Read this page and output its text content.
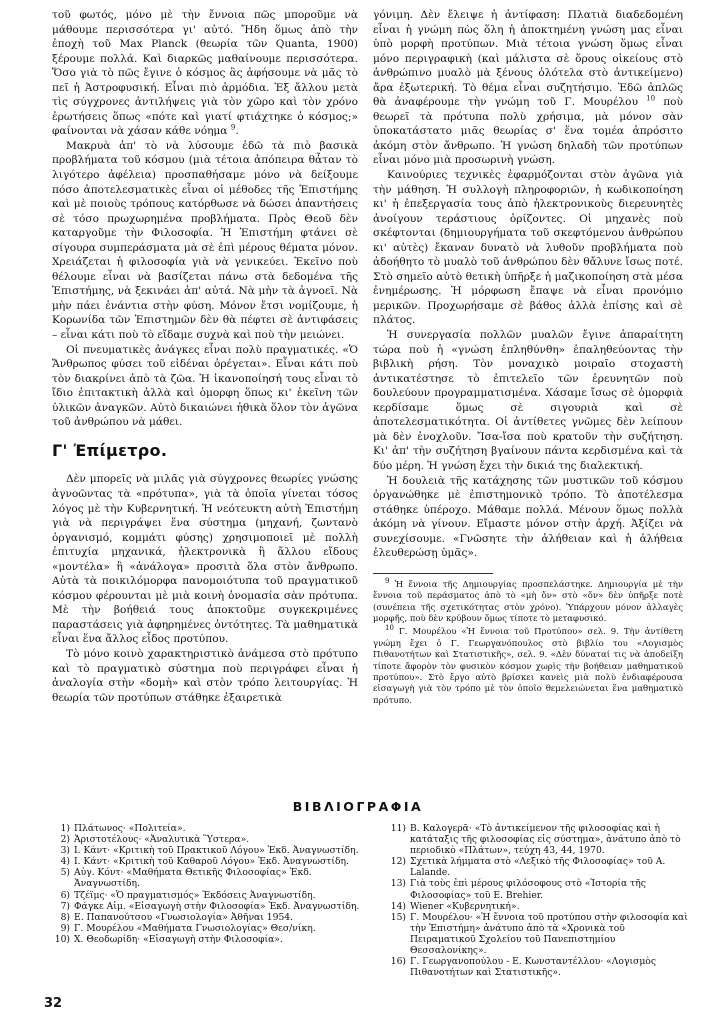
τοῦ φωτός, μόνο μὲ τὴν ἔννοια πῶς μποροῦμε νὰ μάθουμε περισσότερα γι' αὐτό. Ἤδη ὅμως ἀπὸ τὴν ἐποχὴ τοῦ Max Planck (θεωρία τῶν Quanta, 1900) ξέρουμε πολλά. Καὶ διαρκῶς μαθαίνουμε περισσότερα. Ὅσο γιὰ τὸ πῶς ἔγινε ὁ κόσμος ἂς ἀφήσουμε νὰ μᾶς τὸ πεῖ ἡ Ἀστροφυσική. Εἶναι πιὸ ἁρμόδια. Ἐξ ἄλλου μετὰ τὶς σύγχρονες ἀντιλήψεις γιὰ τὸν χῶρο καὶ τὸν χρόνο ἐρωτήσεις ὅπως «πότε καὶ γιατί φτιάχτηκε ὁ κόσμος;» φαίνονται νὰ χάσαν κάθε νόημα $^9$.

Μακρυὰ ἀπ' τὸ νὰ λύσουμε ἐδῶ τὰ πιὸ βασικὰ προβλήματα τοῦ κόσμου (μιὰ τέτοια ἀπόπειρα θἆταν τὸ λιγότερο ἀφέλεια) προσπαθήσαμε μόνο νὰ δείξουμε πόσο ἀποτελεσματικὲς εἶναι οἱ μέθοδες τῆς Ἐπιστήμης καὶ μὲ ποιοὺς τρόπους κατόρθωσε νὰ δώσει ἀπαντήσεις σὲ τόσο πρωχωρημένα προβλήματα. Πρὸς Θεοῦ δὲν καταργοῦμε τὴν Φιλοσοφία. Ἡ Ἐπιστήμη φτάνει σὲ σίγουρα συμπεράσματα μὰ σὲ ἐπὶ μέρους θέματα μόνον. Χρειάζεται ἡ φιλοσοφία γιὰ νὰ γενικεύει. Ἐκεῖνο ποὺ θέλουμε εἶναι νὰ βασίζεται πάνω στὰ δεδομένα τῆς Ἐπιστήμης, νὰ ξεκινάει ἀπ' αὐτά. Νὰ μὴν τὰ ἀγνοεῖ. Νὰ μὴν πάει ἐνάντια στὴν φύση. Μόνον ἔτσι νομίζουμε, ἡ Κορωνίδα τῶν Ἐπιστημῶν δὲν θὰ πέφτει σὲ ἀντιφάσεις – εἶναι κάτι ποὺ τὸ εἴδαμε συχνὰ καὶ ποὺ τὴν μειώνει.

Οἱ πνευματικὲς ἀνάγκες εἶναι πολὺ πραγματικές. «Ὁ Ἄνθρωπος φύσει τοῦ εἰδέναι ὀρέγεται». Εἶναι κάτι ποὺ τὸν διακρίνει ἀπὸ τὰ ζῶα. Ἡ ἱκανοποίησή τους εἶναι τὸ ἴδιο ἐπιτακτικὴ ἀλλὰ καὶ ὁμορφη ὅπως κι' ἐκεῖνη τῶν ὑλικῶν ἀναγκῶν. Αὐτὸ δικαιώνει ἠθικὰ ὅλον τὸν ἀγῶνα τοῦ ἀνθρώπου νὰ μάθει.

Γ' Ἐπίμετρο.

Δὲν μπορεῖς νὰ μιλᾶς γιὰ σύγχρονες θεωρίες γνώσης ἀγνοῶντας τὰ «πρότυπα», γιὰ τὰ ὁποῖα γίνεται τόσος λόγος μὲ τὴν Κυβερνητική. Ἡ νεότευκτη αὐτὴ Ἐπιστήμη γιὰ νὰ περιγράψει ἕνα σύστημα (μηχανή, ζωντανὸ ὀργανισμό, κομμάτι φύσης) χρησιμοποιεῖ μὲ πολλὴ ἐπιτυχία μηχανικά, ἠλεκτρονικὰ ἢ ἄλλου εἴδους «μοντέλα» ἢ «ἀνάλογα» προσιτὰ ὅλα στὸν ἄνθρωπο. Αὐτὰ τὰ ποικιλόμορφα πανομοιότυπα τοῦ πραγματικοῦ κόσμου φέρουνται μὲ μιὰ κοινὴ ὀνομασία σὰν πρότυπα. Μὲ τὴν βοήθειά τους ἀποκτοῦμε συγκεκριμένες παραστάσεις γιὰ ἀφηρημένες ὀντότητες. Τὰ μαθηματικὰ εἶναι ἕνα ἄλλος εἶδος προτύπου.

Τὸ μόνο κοινὸ χαρακτηριστικὸ ἀνάμεσα στὸ πρότυπο καὶ τὸ πραγματικὸ σύστημα ποὺ περιγράφει εἶναι ἡ ἀναλογία στὴν «δομὴ» καὶ στὸν τρόπο λειτουργίας. Ἡ θεωρία τῶν προτύπων στάθηκε ἐξαιρετικὰ

γόνιμη. Δὲν ἔλειψε ἡ ἀντίφαση: Πλατιὰ διαδεδομένη εἶναι ἡ γνώμη πὼς ὅλη ἡ ἀποκτημένη γνώση μας εἶναι ὑπὸ μορφὴ προτύπων. Μιὰ τέτοια γνώση ὅμως εἶναι μόνο περιγραφικὴ (καὶ μάλιστα σὲ ὅρους οἰκείους στὸ ἀνθρώπινο μυαλὸ μὰ ξένους ὁλότελα στὸ ἀντικείμενο) ἄρα ἐξωτερική. Τὸ θέμα εἶναι συζητήσιμο. Ἐδῶ ἁπλῶς θὰ ἀναφέρουμε τὴν γνώμη τοῦ Γ. Μουρέλου $^{10}$ ποὺ θεωρεῖ τὰ πρότυπα πολὺ χρήσιμα, μὰ μόνον σὰν ὑποκατάστατο μιᾶς θεωρίας σ' ἕνα τομέα ἀπρόσιτο ἀκόμη στὸν ἄνθρωπο. Ἡ γνώση δηλαδὴ τῶν προτύπων εἶναι μόνο μιὰ προσωρινὴ γνώση.

Καινούριες τεχνικὲς ἐφαρμόζονται στὸν ἀγῶνα γιὰ τὴν μάθηση. Ἡ συλλογὴ πληροφοριῶν, ἡ κωδικοποίηση κι' ἡ ἐπεξεργασία τους ἀπὸ ἠλεκτρονικοὺς διερευνητὲς ἀνοίγουν τεράστιους ὁρίζοντες. Οἱ μηχανὲς ποὺ σκέφτονται (δημιουργήματα τοῦ σκεφτόμενου ἀνθρώπου κι' αὐτὲς) ἔκαναν δυνατὸ νὰ λυθοῦν προβλήματα ποὺ ἀδοήθητο τὸ μυαλὸ τοῦ ἀνθρώπου δὲν θἄλυνε ἴσως ποτέ. Στὸ σημεῖο αὐτὸ θετικὴ ὑπῆρξε ἡ μαζικοποίηση στὰ μέσα ἐνημέρωσης. Ἡ μόρφωση ἔπαψε νὰ εἶναι προνόμιο μερικῶν. Προχωρήσαμε σὲ βάθος ἀλλὰ ἐπίσης καὶ σὲ πλάτος.

Ἡ συνεργασία πολλῶν μυαλῶν ἔγινε ἀπαραίτητη τώρα ποὺ ἡ «γνώση ἐπληθύνθη» ἐπαληθεύοντας τὴν βιβλικὴ ρήση. Τὸν μοναχικὸ μοιραῖο στοχαστὴ ἀντικατέστησε τὸ ἐπιτελεῖο τῶν ἐρευνητῶν ποὺ δουλεύουν προγραμματισμένα. Χάσαμε ἴσως σὲ ὀμορφιὰ κερδίσαμε ὅμως σὲ σιγουριὰ καὶ σὲ ἀποτελεσματικότητα. Οἱ ἀντίθετες γνῶμες δὲν λείπουν μὰ δὲν ἐνοχλοῦν. Ἴσα-ἴσα ποὺ κρατοῦν τὴν συζήτηση. Κι' ἀπ' τὴν συζήτηση βγαίνουν πάντα κερδισμένα καὶ τὰ δύο μέρη. Ἡ γνώση ἔχει τὴν δικιά της διαλεκτική.

Ἡ δουλειὰ τῆς κατάχησης τῶν μυστικῶν τοῦ κόσμου ὀργανώθηκε μὲ ἐπιστημονικὸ τρόπο. Τὸ ἀποτέλεσμα στάθηκε ὑπέροχο. Μάθαμε πολλά. Μένουν ὅμως πολλὰ ἀκόμη νὰ γίνουν. Εἴμαστε μόνον στὴν ἀρχή. Ἀξίζει νὰ συνεχίσουμε. «Γνῶσητε τὴν ἀλήθειαν καὶ ἡ ἀλήθεια ἐλευθερώσῃ ὑμᾶς».

$^9$ Ἡ ἔννοια τῆς Δημιουργίας προσπελάστηκε. Δημιουργία μὲ τὴν ἔννοια τοῦ περάσματος ἀπὸ τὸ «μὴ ὄν» στὸ «ὄν» δὲν ὑπῆρξε ποτὲ (συνέπεια τῆς σχετικότητας στὸν χρόνο). Ὑπάρχουν μόνον ἀλλαγὲς μορφῆς, ποὺ δὲν κρύβουν ὅμως τίποτε τὸ μεταφυσικό.

$^{10}$ Γ. Μουρέλου «Ἡ ἔννοια τοῦ Προτύπου» σελ. 9. Τὴν ἀντίθετη γνώμη ἔχει ὁ Γ. Γεωργανόπουλος στὸ βιβλίο του «Λογισμὸς Πιθανοτήτων καὶ Στατιστικῆς», σελ. 9. «Δὲν δύναταί τις νὰ ἀποδείξη τίποτε ἄφορὸν τὸν φυσικὸν κόσμον χωρὶς τὴν βοήθειαν μαθηματικοῦ προτύπου». Στὸ ἔργο αὐτὸ βρίσκει κανεὶς μιὰ πολὺ ἐνδιαφέρουσα εἰσαγωγὴ γιὰ τὸν τρόπο μὲ τὸν ὁποῖο θεμελειώνεται ἕνα μαθηματικὸ πρότυπο.

ΒΙΒΛΙΟΓΡΑΦΙΑ
1) Πλάτωνος· «Πολιτεία».
2) Ἀριστοτέλους· «Ἀναλυτικὰ Ὕστερα».
3) Ι. Κάντ· «Κριτικὴ τοῦ Πρακτικοῦ Λόγου» Ἐκδ. Ἀναγνωστίδη.
4) Ι. Κάντ· «Κριτικὴ τοῦ Καθαροῦ Λόγου» Ἐκδ. Ἀναγνωστίδη.
5) Αὐγ. Κόντ· «Μαθήματα Θετικῆς Φιλοσοφίας» Ἐκδ. Ἀναγνωστίδη.
6) Τζέϊμς· «Ὁ πραγματισμός» Ἐκδόσεις Ἀναγνωστίδη.
7) Φάγκε Αἰμ. «Εἰσαγωγὴ στὴν Φιλοσοφία» Ἐκδ. Ἀναγνωστίδη.
8) Ε. Παπανούτσου «Γνωσιολογία» Ἀθῆναι 1954.
9) Γ. Μουρέλου «Μαθήματα Γνωσιολογίας» Θεσ/νίκη.
10) Χ. Θεοδωρίδη· «Εἰσαγωγὴ στὴν Φιλοσοφία».
11) Β. Καλογερᾶ· «Τὸ ἀντικείμενον τῆς φιλοσοφίας καὶ ἡ κατάταξις τῆς φιλοσοφίας εἰς σύστημα», ἀνάτυπο ἀπὸ τὸ περιοδικὸ «Πλάτων», τεύχη 43, 44, 1970.
12) Σχετικὰ λήμματα στὸ «Λεξικὸ τῆς Φιλοσοφίας» τοῦ A. Lalande.
13) Γιὰ τοὺς ἐπὶ μέρους φιλόσοφους στὸ «Ἱστορία τῆς Φιλοσοφίας» τοῦ E. Brehier.
14) Wiener «Κυβερνητική».
15) Γ. Μουρέλου· «Ἡ ἔννοια τοῦ προτύπου στὴν φιλοσοφία καὶ τὴν Ἐπιστήμη» ἀνάτυπο ἀπὸ τὰ «Χρονικὰ τοῦ Πειραματικοῦ Σχολείου τοῦ Πανεπιστημίου Θεσσαλονίκης».
16) Γ. Γεωργανοπούλου - Ε. Κωνσταντέλλου· «Λογισμὸς Πιθανοτήτων καὶ Στατιστικῆς».
32
